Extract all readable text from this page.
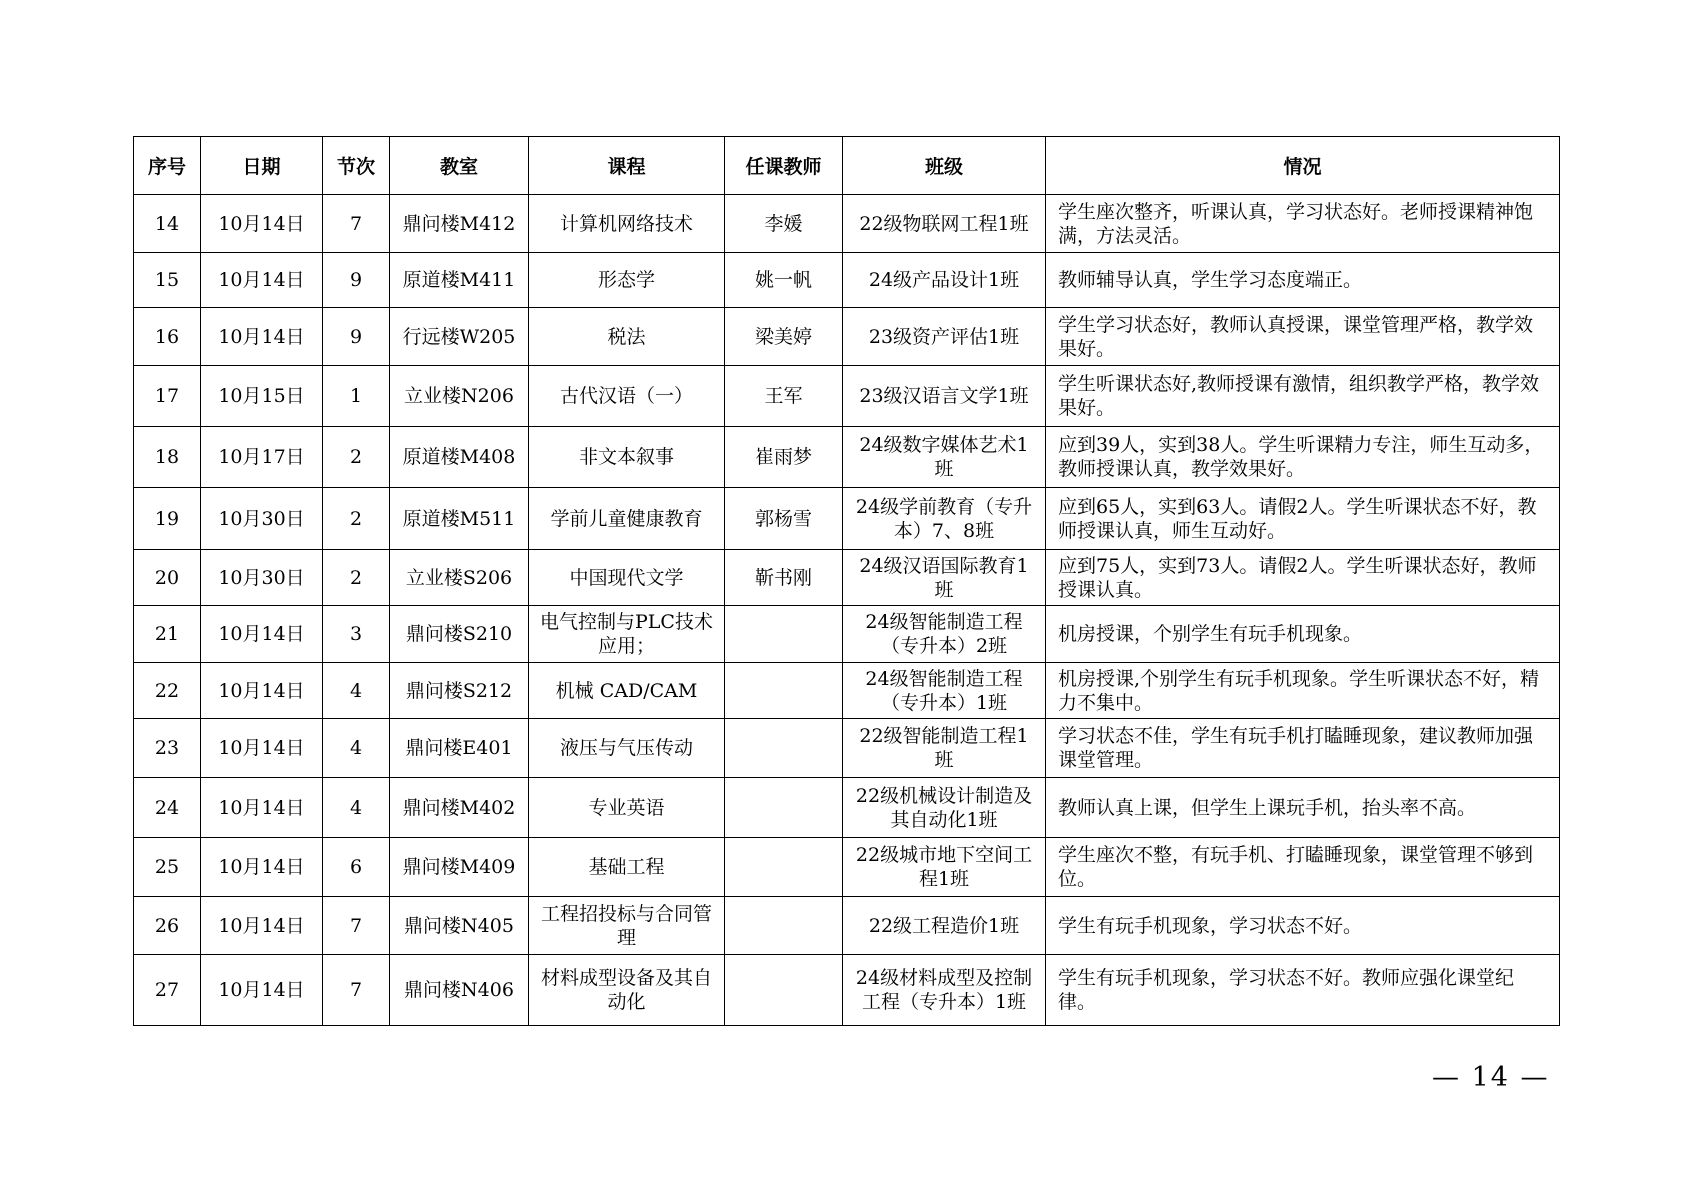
序号	日期	节次	教室	课程	任课教师	班级	情况
14	10月14日	7	鼎问楼M412	计算机网络技术	李媛	22级物联网工程1班	学生座次整齐，听课认真，学习状态好。老师授课精神饱满，方法灵活。
15	10月14日	9	原道楼M411	形态学	姚一帆	24级产品设计1班	教师辅导认真，学生学习态度端正。
16	10月14日	9	行远楼W205	税法	梁美婷	23级资产评估1班	学生学习状态好，教师认真授课，课堂管理严格，教学效果好。
17	10月15日	1	立业楼N206	古代汉语（一）	王军	23级汉语言文学1班	学生听课状态好,教师授课有激情，组织教学严格，教学效果好。
18	10月17日	2	原道楼M408	非文本叙事	崔雨梦	24级数字媒体艺术1班	应到39人，实到38人。学生听课精力专注，师生互动多，教师授课认真，教学效果好。
19	10月30日	2	原道楼M511	学前儿童健康教育	郭杨雪	24级学前教育（专升本）7、8班	应到65人，实到63人。请假2人。学生听课状态不好，教师授课认真，师生互动好。
20	10月30日	2	立业楼S206	中国现代文学	靳书刚	24级汉语国际教育1班	应到75人，实到73人。请假2人。学生听课状态好，教师授课认真。
21	10月14日	3	鼎问楼S210	电气控制与PLC技术应用；		24级智能制造工程（专升本）2班	机房授课，个别学生有玩手机现象。
22	10月14日	4	鼎问楼S212	机械 CAD/CAM		24级智能制造工程（专升本）1班	机房授课,个别学生有玩手机现象。学生听课状态不好，精力不集中。
23	10月14日	4	鼎问楼E401	液压与气压传动		22级智能制造工程1班	学习状态不佳，学生有玩手机打瞌睡现象，建议教师加强课堂管理。
24	10月14日	4	鼎问楼M402	专业英语		22级机械设计制造及其自动化1班	教师认真上课，但学生上课玩手机，抬头率不高。
25	10月14日	6	鼎问楼M409	基础工程		22级城市地下空间工程1班	学生座次不整，有玩手机、打瞌睡现象，课堂管理不够到位。
26	10月14日	7	鼎问楼N405	工程招投标与合同管理		22级工程造价1班	学生有玩手机现象，学习状态不好。
27	10月14日	7	鼎问楼N406	材料成型设备及其自动化		24级材料成型及控制工程（专升本）1班	学生有玩手机现象，学习状态不好。教师应强化课堂纪律。
— 14 —
